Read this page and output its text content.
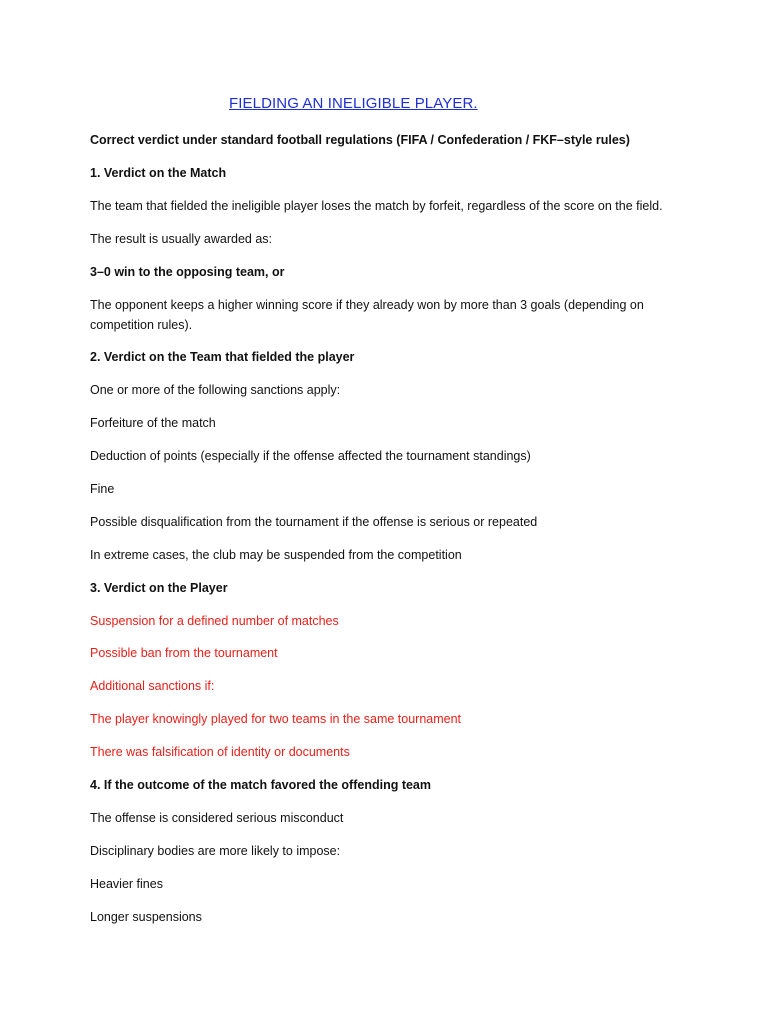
FIELDING AN INELIGIBLE PLAYER.
Correct verdict under standard football regulations (FIFA / Confederation / FKF–style rules)
1. Verdict on the Match
The team that fielded the ineligible player loses the match by forfeit, regardless of the score on the field.
The result is usually awarded as:
3–0 win to the opposing team, or
The opponent keeps a higher winning score if they already won by more than 3 goals (depending on competition rules).
2. Verdict on the Team that fielded the player
One or more of the following sanctions apply:
Forfeiture of the match
Deduction of points (especially if the offense affected the tournament standings)
Fine
Possible disqualification from the tournament if the offense is serious or repeated
In extreme cases, the club may be suspended from the competition
3. Verdict on the Player
Suspension for a defined number of matches
Possible ban from the tournament
Additional sanctions if:
The player knowingly played for two teams in the same tournament
There was falsification of identity or documents
4. If the outcome of the match favored the offending team
The offense is considered serious misconduct
Disciplinary bodies are more likely to impose:
Heavier fines
Longer suspensions
